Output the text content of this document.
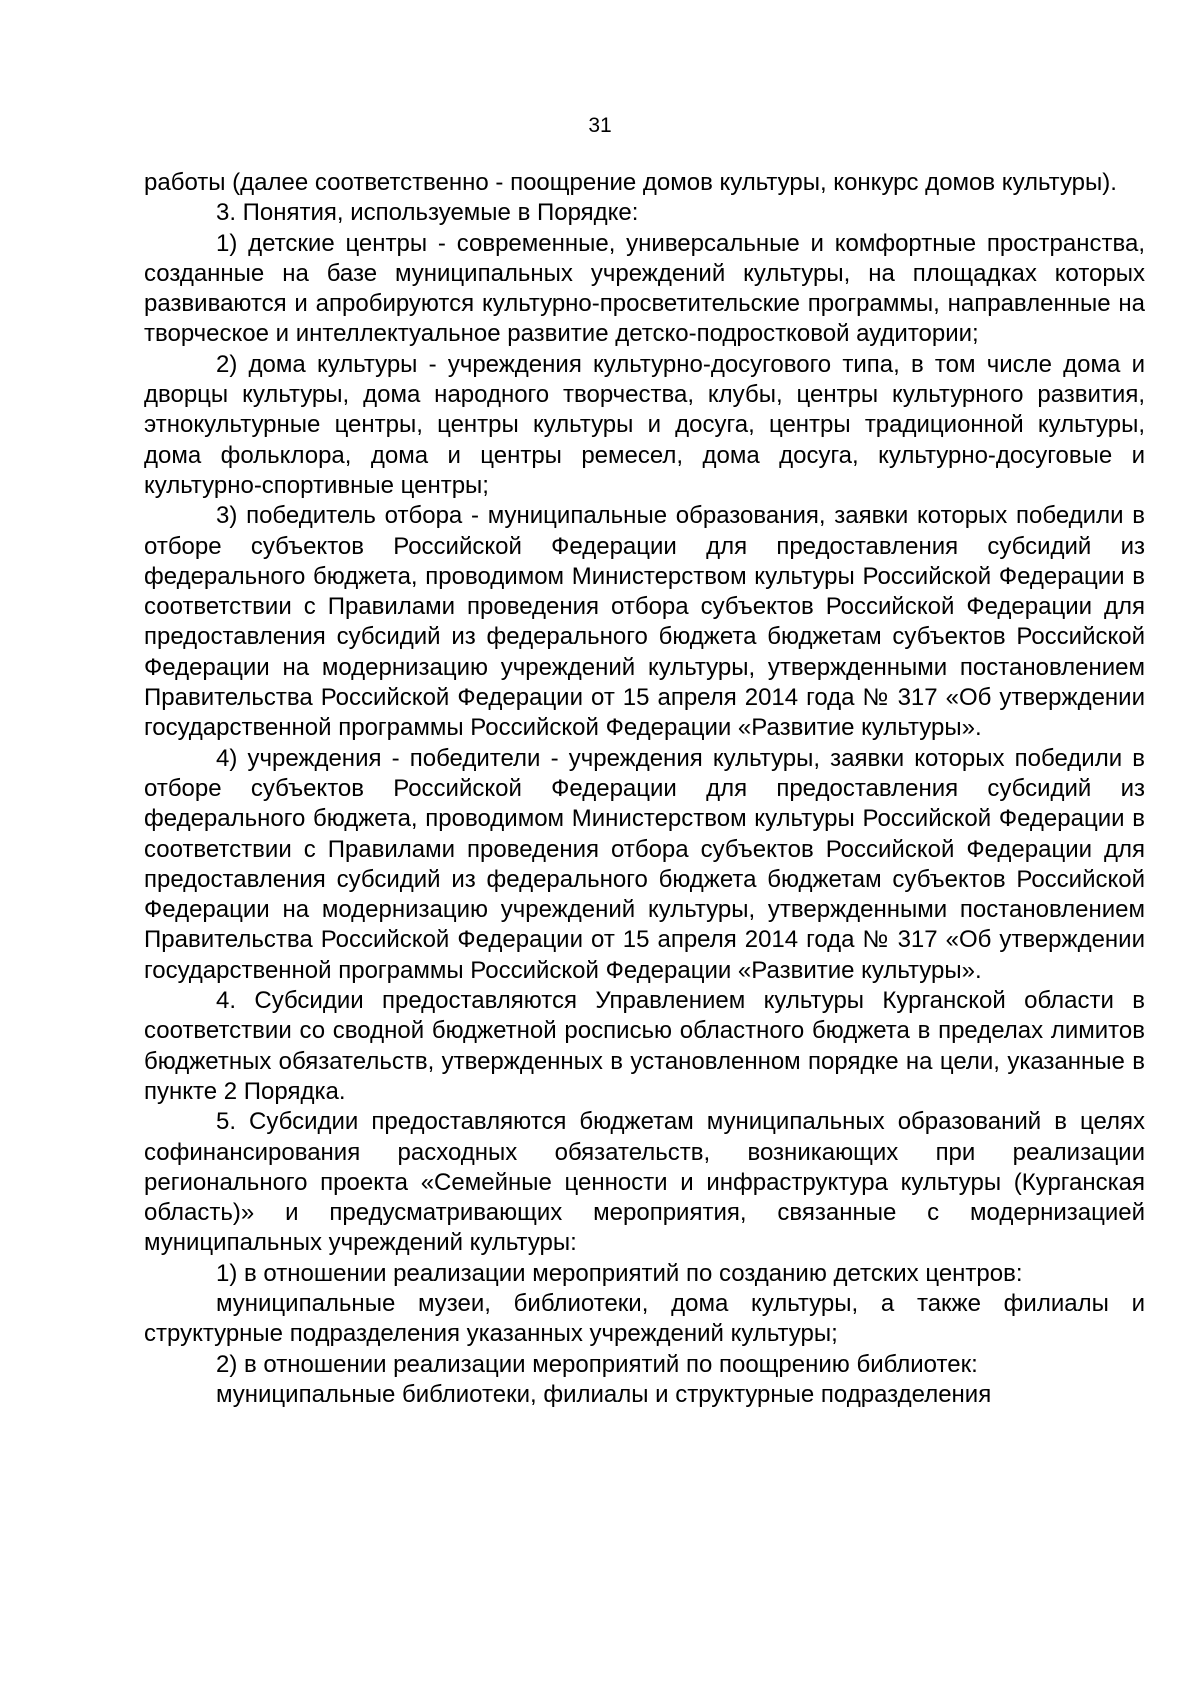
31

работы (далее соответственно - поощрение домов культуры, конкурс домов культуры).

3. Понятия, используемые в Порядке:

1) детские центры - современные, универсальные и комфортные пространства, созданные на базе муниципальных учреждений культуры, на площадках которых развиваются и апробируются культурно-просветительские программы, направленные на творческое и интеллектуальное развитие детско-подростковой аудитории;

2) дома культуры - учреждения культурно-досугового типа, в том числе дома и дворцы культуры, дома народного творчества, клубы, центры культурного развития, этнокультурные центры, центры культуры и досуга, центры традиционной культуры, дома фольклора, дома и центры ремесел, дома досуга, культурно-досуговые и культурно-спортивные центры;

3) победитель отбора - муниципальные образования, заявки которых победили в отборе субъектов Российской Федерации для предоставления субсидий из федерального бюджета, проводимом Министерством культуры Российской Федерации в соответствии с Правилами проведения отбора субъектов Российской Федерации для предоставления субсидий из федерального бюджета бюджетам субъектов Российской Федерации на модернизацию учреждений культуры, утвержденными постановлением Правительства Российской Федерации от 15 апреля 2014 года № 317 «Об утверждении государственной программы Российской Федерации «Развитие культуры».

4) учреждения - победители - учреждения культуры, заявки которых победили в отборе субъектов Российской Федерации для предоставления субсидий из федерального бюджета, проводимом Министерством культуры Российской Федерации в соответствии с Правилами проведения отбора субъектов Российской Федерации для предоставления субсидий из федерального бюджета бюджетам субъектов Российской Федерации на модернизацию учреждений культуры, утвержденными постановлением Правительства Российской Федерации от 15 апреля 2014 года № 317 «Об утверждении государственной программы Российской Федерации «Развитие культуры».

4. Субсидии предоставляются Управлением культуры Курганской области в соответствии со сводной бюджетной росписью областного бюджета в пределах лимитов бюджетных обязательств, утвержденных в установленном порядке на цели, указанные в пункте 2 Порядка.

5. Субсидии предоставляются бюджетам муниципальных образований в целях софинансирования расходных обязательств, возникающих при реализации регионального проекта «Семейные ценности и инфраструктура культуры (Курганская область)» и предусматривающих мероприятия, связанные с модернизацией муниципальных учреждений культуры:

1) в отношении реализации мероприятий по созданию детских центров:

муниципальные музеи, библиотеки, дома культуры, а также филиалы и структурные подразделения указанных учреждений культуры;

2) в отношении реализации мероприятий по поощрению библиотек:

муниципальные библиотеки, филиалы и структурные подразделения
